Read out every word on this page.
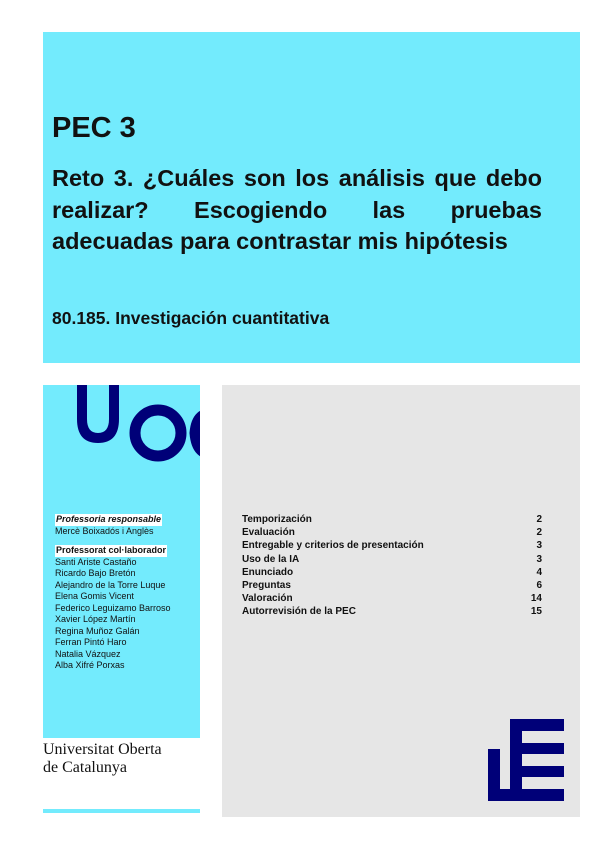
PEC 3
Reto 3. ¿Cuáles son los análisis que debo realizar? Escogiendo las pruebas adecuadas para contrastar mis hipótesis
80.185. Investigación cuantitativa
Professoria responsable
Mercè Boixadós i Anglès
Professorat col·laborador
Santi Ariste Castaño
Ricardo Bajo Bretón
Alejandro de la Torre Luque
Elena Gomis Vicent
Federico Leguizamo Barroso
Xavier López Martín
Regina Muñoz Galán
Ferran Pintó Haro
Natalia Vázquez
Alba Xifré Porxas
Universitat Oberta
de Catalunya
Temporización	2
Evaluación	2
Entregable y criterios de presentación	3
Uso de la IA	3
Enunciado	4
Preguntas	6
Valoración	14
Autorrevisión de la PEC	15
